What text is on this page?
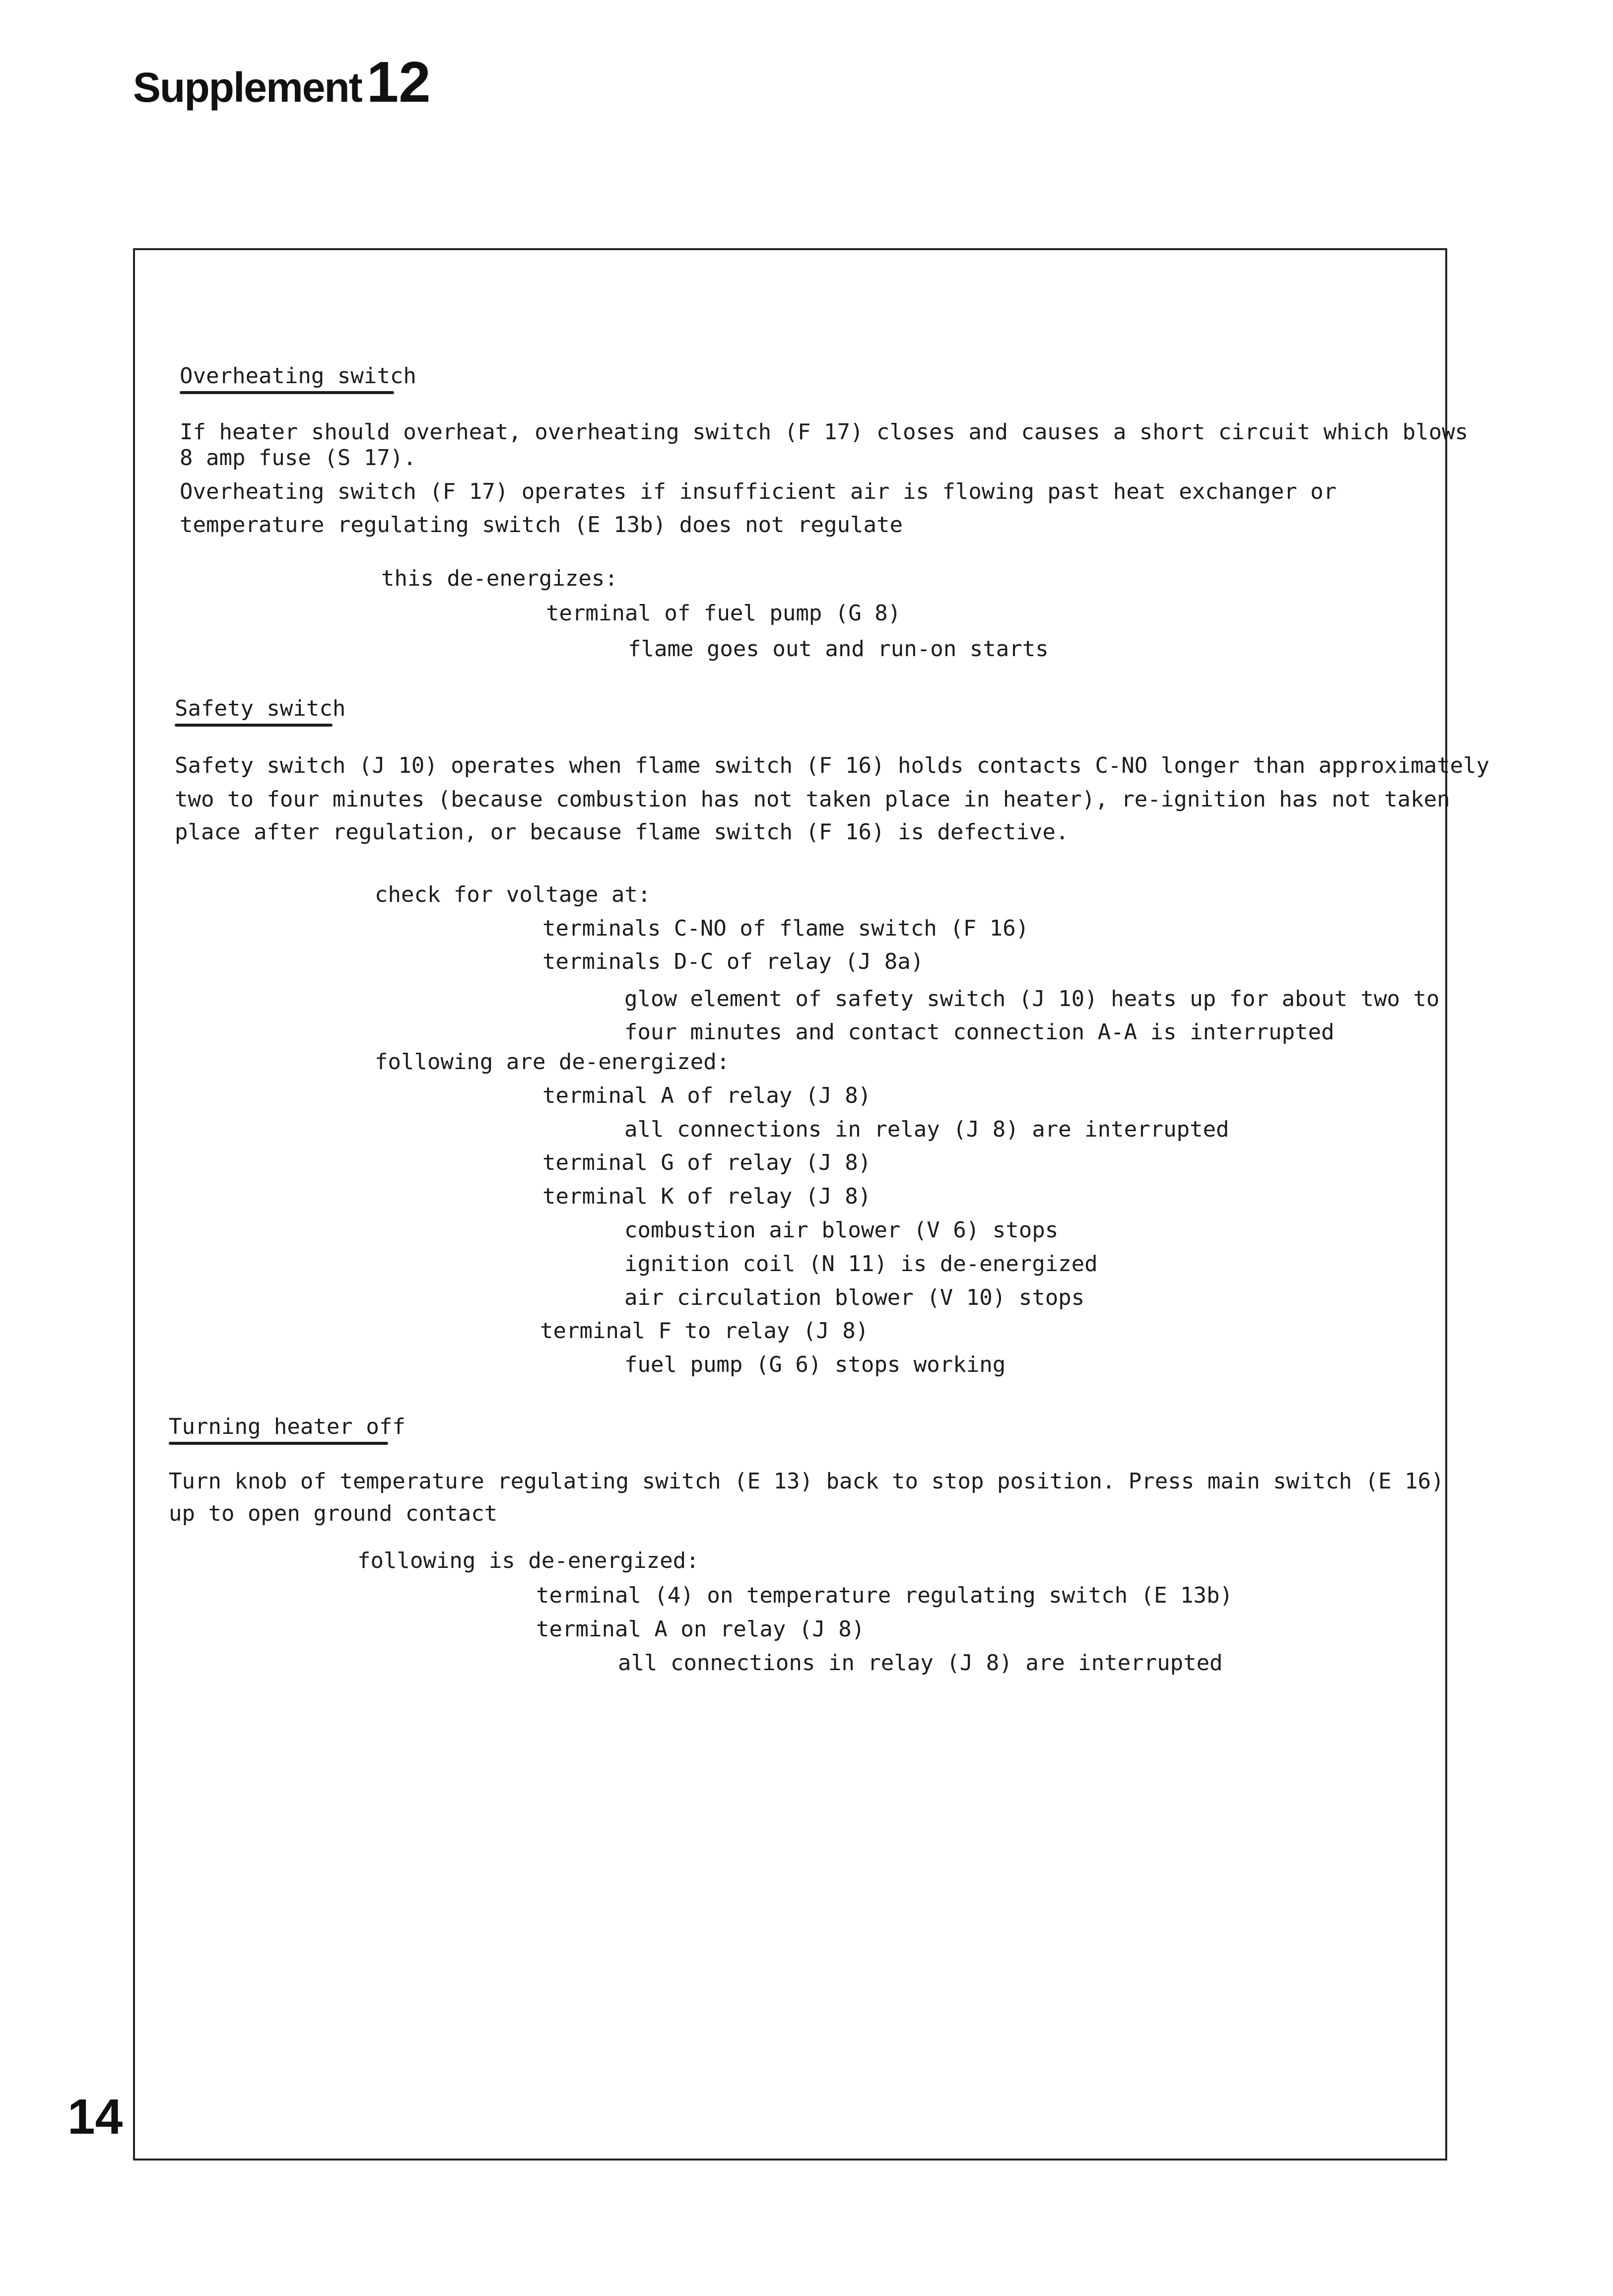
Supplement12
14
Overheating switch
If heater should overheat, overheating switch (F 17) closes and causes a short circuit which blows
8 amp fuse (S 17).
Overheating switch (F 17) operates if insufficient air is flowing past heat exchanger or
temperature regulating switch (E 13b) does not regulate
this de-energizes:
terminal of fuel pump (G 8)
flame goes out and run-on starts
Safety switch
Safety switch (J 10) operates when flame switch (F 16) holds contacts C-NO longer than approximately
two to four minutes (because combustion has not taken place in heater), re-ignition has not taken
place after regulation, or because flame switch (F 16) is defective.
check for voltage at:
terminals C-NO of flame switch (F 16)
terminals D-C of relay (J 8a)
glow element of safety switch (J 10) heats up for about two to
four minutes and contact connection A-A is interrupted
following are de-energized:
terminal A of relay (J 8)
all connections in relay (J 8) are interrupted
terminal G of relay (J 8)
terminal K of relay (J 8)
combustion air blower (V 6) stops
ignition coil (N 11) is de-energized
air circulation blower (V 10) stops
terminal F to relay (J 8)
fuel pump (G 6) stops working
Turning heater off
Turn knob of temperature regulating switch (E 13) back to stop position. Press main switch (E 16)
up to open ground contact
following is de-energized:
terminal (4) on temperature regulating switch (E 13b)
terminal A on relay (J 8)
all connections in relay (J 8) are interrupted
